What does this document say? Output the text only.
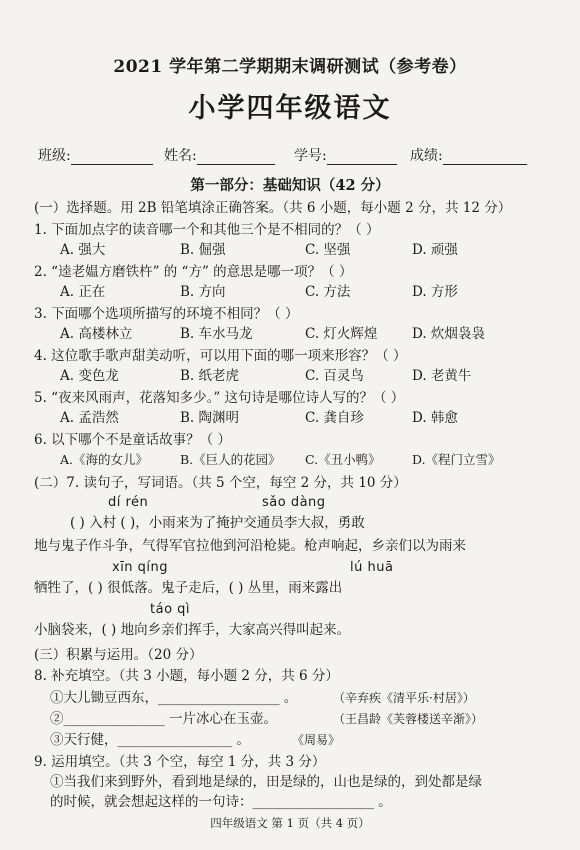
2021 学年第二学期期末调研测试（参考卷）
小学四年级语文
班级:	姓名:	学号:	成绩:
第一部分：基础知识（42 分）
(一）选择题。用 2B 铅笔填涂正确答案。（共 6 小题，每小题 2 分，共 12 分）
1. 下面加点字的读音哪一个和其他三个是不相同的？（ ）
A. 强大	B. 倔强	C. 坚强	D. 顽强
2. “逵老媪方磨铁杵” 的 “方” 的意思是哪一项？（ ）
A. 正在	B. 方向	C. 方法	D. 方形
3. 下面哪个选项所描写的环境不相同？（ ）
A. 高楼林立	B. 车水马龙	C. 灯火辉煌	D. 炊烟袅袅
4. 这位歌手歌声甜美动听，可以用下面的哪一项来形容？（ ）
A. 变色龙	B. 纸老虎	C. 百灵鸟	D. 老黄牛
5. “夜来风雨声，花落知多少。” 这句诗是哪位诗人写的？（ ）
A. 孟浩然	B. 陶渊明	C. 龚自珍	D. 韩愈
6. 以下哪个不是童话故事？（ ）
A.《海的女儿》	B.《巨人的花园》 C.《丑小鸭》	D.《程门立雪》
(二）7. 读句子，写词语。（共 5 个空，每空 2 分，共 10 分）
dí rén	sǎo dàng
( ) 入村 ( )，小雨来为了掩护交通员李大叔，勇敢
地与鬼子作斗争，气得军官拉他到河沿枪毙。枪声响起，乡亲们以为雨来
xīn qíng	lú huā
牺牲了，( ) 很低落。鬼子走后，( ) 丛里，雨来露出
táo qì
小脑袋来，( ) 地向乡亲们挥手，大家高兴得叫起来。
(三）积累与运用。（20 分）
8. 补充填空。（共 3 小题，每小题 2 分，共 6 分）
①大儿锄豆西东，__________________ 。	（辛弃疾《清平乐·村居》）
②_______________ 一片冰心在玉壶。	（王昌龄《芙蓉楼送辛渐》）
③天行健，_________________ 。	《周易》
9. 运用填空。（共 3 个空，每空 1 分，共 3 分）
①当我们来到野外，看到地是绿的，田是绿的，山也是绿的，到处都是绿
的时候，就会想起这样的一句诗：__________________ 。
四年级语文 第 1 页（共 4 页）
